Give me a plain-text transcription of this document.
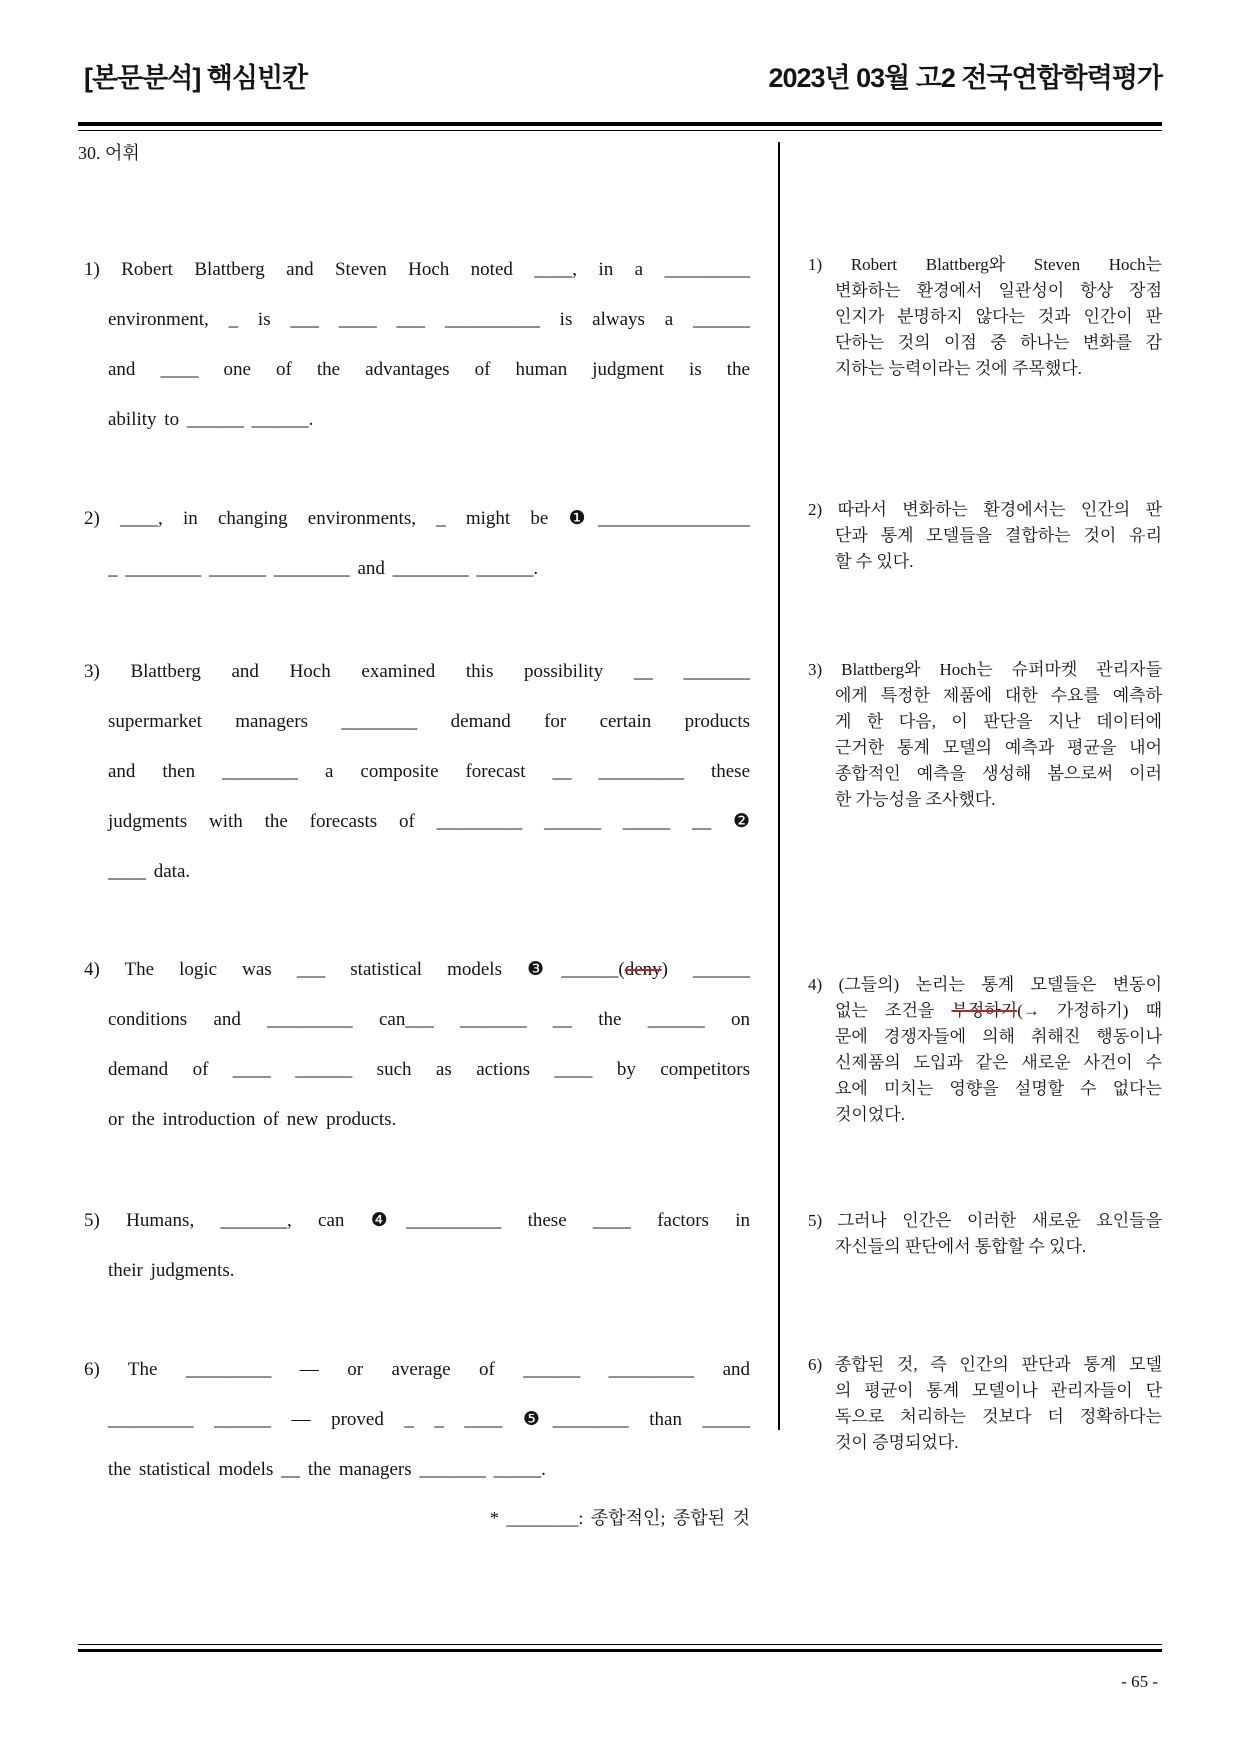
[본문분석] 핵심빈칸	2023년 03월 고2 전국연합학력평가
30. 어휘
1) Robert Blattberg and Steven Hoch noted ____, in a _________
environment, _ is ___ ____ ___ __________ is always a ______
and ____ one of the advantages of human judgment is the
ability to ______ ______.
2) ____, in changing environments, _ might be ❶________________
_ ________ ______ ________ and ________ ______.
3) Blattberg and Hoch examined this possibility __ _______
supermarket managers ________ demand for certain products
and then ________ a composite forecast __ _________ these
judgments with the forecasts of _________ ______ _____ __ ❷
____ data.
4) The logic was ___ statistical models ❸______(deny) ______
conditions and _________ can___ _______ __ the ______ on
demand of ____ ______ such as actions ____ by competitors
or the introduction of new products.
5) Humans, _______, can ❹__________ these ____ factors in
their judgments.
6) The _________ — or average of ______ _________ and
_________ ______ — proved _ _ ____ ❺________ than _____
the statistical models __ the managers _______ _____.
1) Robert Blattberg와 Steven Hoch는
변화하는 환경에서 일관성이 항상 장점
인지가 분명하지 않다는 것과 인간이 판
단하는 것의 이점 중 하나는 변화를 감
지하는 능력이라는 것에 주목했다.
2) 따라서 변화하는 환경에서는 인간의 판
단과 통계 모델들을 결합하는 것이 유리
할 수 있다.
3) Blattberg와 Hoch는 슈퍼마켓 관리자들
에게 특정한 제품에 대한 수요를 예측하
게 한 다음, 이 판단을 지난 데이터에
근거한 통계 모델의 예측과 평균을 내어
종합적인 예측을 생성해 봄으로써 이러
한 가능성을 조사했다.
4) (그들의) 논리는 통계 모델들은 변동이
없는 조건을 부정하기(→ 가정하기) 때
문에 경쟁자들에 의해 취해진 행동이나
신제품의 도입과 같은 새로운 사건이 수
요에 미치는 영향을 설명할 수 없다는
것이었다.
5) 그러나 인간은 이러한 새로운 요인들을
자신들의 판단에서 통합할 수 있다.
6) 종합된 것, 즉 인간의 판단과 통계 모델
의 평균이 통계 모델이나 관리자들이 단
독으로 처리하는 것보다 더 정확하다는
것이 증명되었다.
* ________: 종합적인; 종합된 것
- 65 -
